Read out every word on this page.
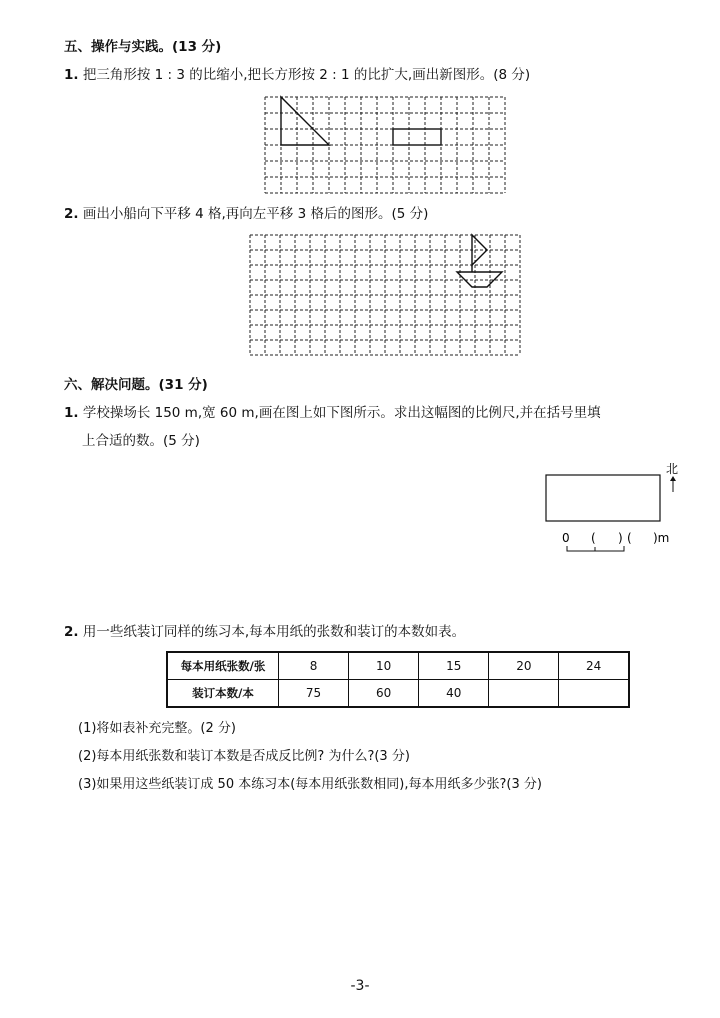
五、操作与实践。(13 分)
1. 把三角形按 1 : 3 的比缩小,把长方形按 2 : 1 的比扩大,画出新图形。(8 分)
2. 画出小船向下平移 4 格,再向左平移 3 格后的图形。(5 分)
六、解决问题。(31 分)
1. 学校操场长 150 m,宽 60 m,画在图上如下图所示。求出这幅图的比例尺,并在括号里填
上合适的数。(5 分)
北
0 ( ) ( )m
2. 用一些纸装订同样的练习本,每本用纸的张数和装订的本数如表。
每本用纸张数/张	8	10	15	20	24
装订本数/本	75	60	40		
(1)将如表补充完整。(2 分)
(2)每本用纸张数和装订本数是否成反比例? 为什么?(3 分)
(3)如果用这些纸装订成 50 本练习本(每本用纸张数相同),每本用纸多少张?(3 分)
-3-
